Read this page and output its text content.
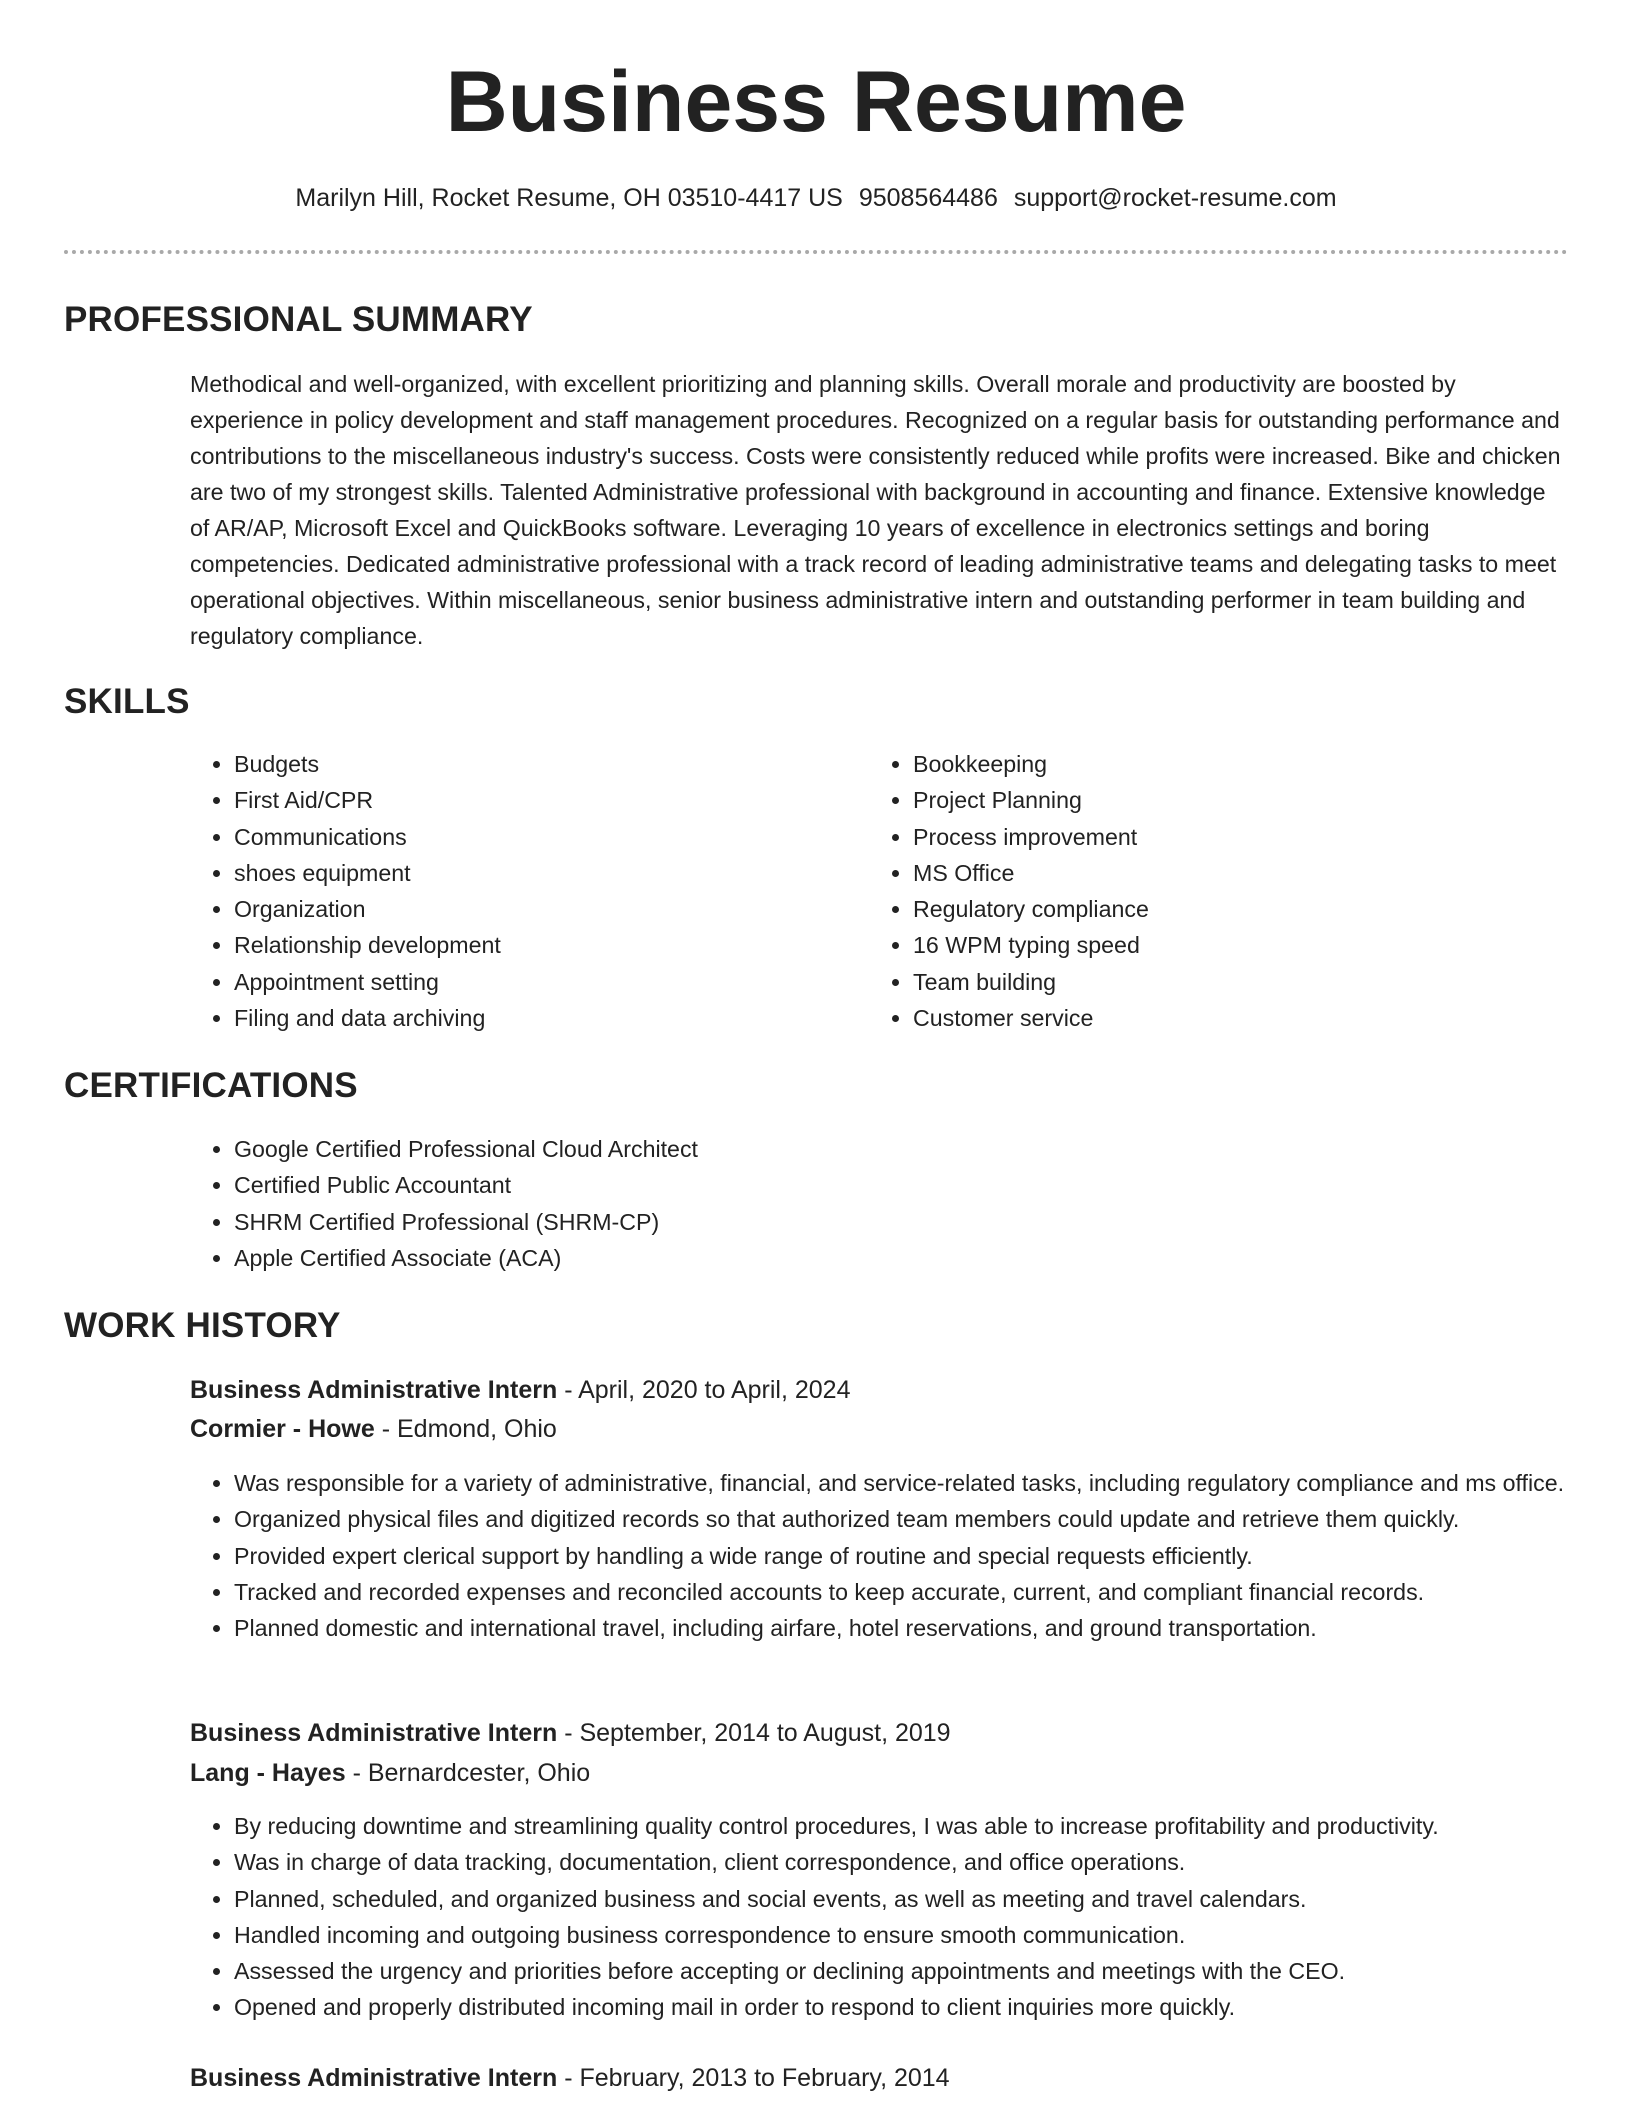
Business Resume
Marilyn Hill, Rocket Resume, OH 03510-4417 US 9508564486 support@rocket-resume.com
PROFESSIONAL SUMMARY

Methodical and well-organized, with excellent prioritizing and planning skills. Overall morale and productivity are boosted by experience in policy development and staff management procedures. Recognized on a regular basis for outstanding performance and contributions to the miscellaneous industry's success. Costs were consistently reduced while profits were increased. Bike and chicken are two of my strongest skills. Talented Administrative professional with background in accounting and finance. Extensive knowledge of AR/AP, Microsoft Excel and QuickBooks software. Leveraging 10 years of excellence in electronics settings and boring competencies. Dedicated administrative professional with a track record of leading administrative teams and delegating tasks to meet operational objectives. Within miscellaneous, senior business administrative intern and outstanding performer in team building and regulatory compliance.

SKILLS
• Budgets
• First Aid/CPR
• Communications
• shoes equipment
• Organization
• Relationship development
• Appointment setting
• Filing and data archiving
• Bookkeeping
• Project Planning
• Process improvement
• MS Office
• Regulatory compliance
• 16 WPM typing speed
• Team building
• Customer service
CERTIFICATIONS
• Google Certified Professional Cloud Architect
• Certified Public Accountant
• SHRM Certified Professional (SHRM-CP)
• Apple Certified Associate (ACA)
WORK HISTORY
Business Administrative Intern - April, 2020 to April, 2024
Cormier - Howe - Edmond, Ohio
• Was responsible for a variety of administrative, financial, and service-related tasks, including regulatory compliance and ms office.
• Organized physical files and digitized records so that authorized team members could update and retrieve them quickly.
• Provided expert clerical support by handling a wide range of routine and special requests efficiently.
• Tracked and recorded expenses and reconciled accounts to keep accurate, current, and compliant financial records.
• Planned domestic and international travel, including airfare, hotel reservations, and ground transportation.
Business Administrative Intern - September, 2014 to August, 2019
Lang - Hayes - Bernardcester, Ohio
• By reducing downtime and streamlining quality control procedures, I was able to increase profitability and productivity.
• Was in charge of data tracking, documentation, client correspondence, and office operations.
• Planned, scheduled, and organized business and social events, as well as meeting and travel calendars.
• Handled incoming and outgoing business correspondence to ensure smooth communication.
• Assessed the urgency and priorities before accepting or declining appointments and meetings with the CEO.
• Opened and properly distributed incoming mail in order to respond to client inquiries more quickly.
Business Administrative Intern - February, 2013 to February, 2014
